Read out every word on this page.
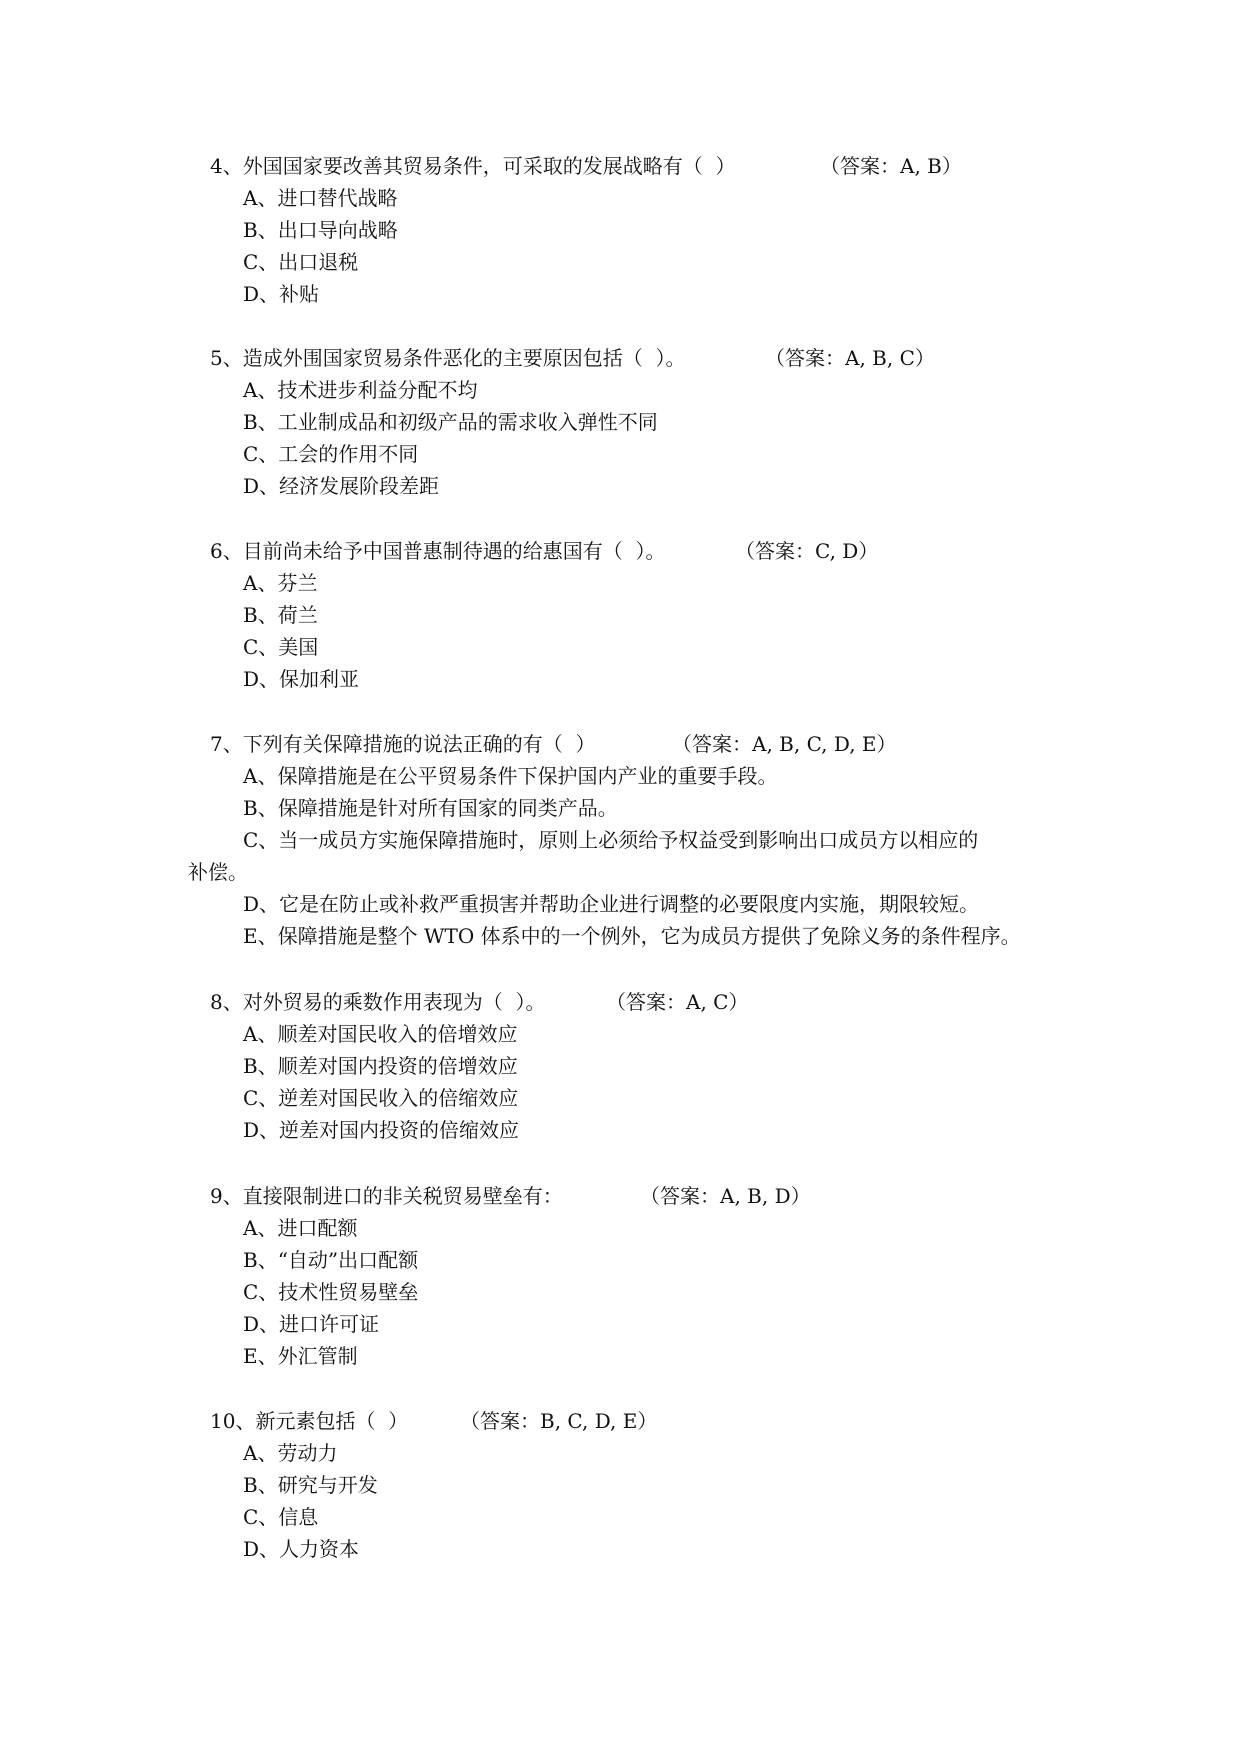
4、外国国家要改善其贸易条件，可采取的发展战略有（  ）	（答案：A, B）
A、进口替代战略
B、出口导向战略
C、出口退税
D、补贴
5、造成外围国家贸易条件恶化的主要原因包括（  ）。	（答案：A, B, C）
A、技术进步利益分配不均
B、工业制成品和初级产品的需求收入弹性不同
C、工会的作用不同
D、经济发展阶段差距
6、目前尚未给予中国普惠制待遇的给惠国有（  ）。	（答案：C, D）
A、芬兰
B、荷兰
C、美国
D、保加利亚
7、下列有关保障措施的说法正确的有（  ）	（答案：A, B, C, D, E）
A、保障措施是在公平贸易条件下保护国内产业的重要手段。
B、保障措施是针对所有国家的同类产品。
C、当一成员方实施保障措施时，原则上必须给予权益受到影响出口成员方以相应的
补偿。
D、它是在防止或补救严重损害并帮助企业进行调整的必要限度内实施，期限较短。
E、保障措施是整个 WTO 体系中的一个例外，它为成员方提供了免除义务的条件程序。
8、对外贸易的乘数作用表现为（  ）。	（答案：A, C）
A、顺差对国民收入的倍增效应
B、顺差对国内投资的倍增效应
C、逆差对国民收入的倍缩效应
D、逆差对国内投资的倍缩效应
9、直接限制进口的非关税贸易壁垒有：	（答案：A, B, D）
A、进口配额
B、“自动”出口配额
C、技术性贸易壁垒
D、进口许可证
E、外汇管制
10、新元素包括（  ）	（答案：B, C, D, E）
A、劳动力
B、研究与开发
C、信息
D、人力资本
